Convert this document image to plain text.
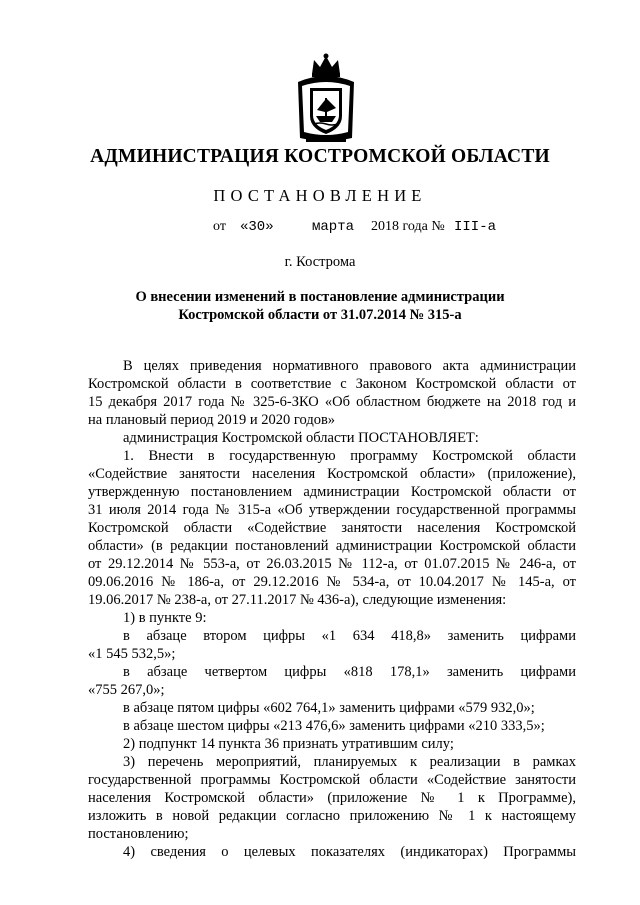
АДМИНИСТРАЦИЯ КОСТРОМСКОЙ ОБЛАСТИ
ПОСТАНОВЛЕНИЕ
от «30»	марта 2018 года № III-а
г. Кострома
О внесении изменений в постановление администрации
Костромской области от 31.07.2014 № 315-а
В целях приведения нормативного правового акта администрации
Костромской области в соответствие с Законом Костромской области от
15 декабря 2017 года № 325-6-ЗКО «Об областном бюджете на 2018 год и
на плановый период 2019 и 2020 годов»
администрация Костромской области ПОСТАНОВЛЯЕТ:
1. Внести в государственную программу Костромской области
«Содействие занятости населения Костромской области» (приложение),
утвержденную постановлением администрации Костромской области от
31 июля 2014 года № 315-а «Об утверждении государственной программы
Костромской области «Содействие занятости населения Костромской
области» (в редакции постановлений администрации Костромской области
от 29.12.2014 № 553-а, от 26.03.2015 № 112-а, от 01.07.2015 № 246-а, от
09.06.2016 № 186-а, от 29.12.2016 № 534-а, от 10.04.2017 № 145-а, от
19.06.2017 № 238-а, от 27.11.2017 № 436-а), следующие изменения:
1) в пункте 9:
в абзаце втором цифры «1 634 418,8» заменить цифрами
«1 545 532,5»;
в абзаце четвертом цифры «818 178,1» заменить цифрами
«755 267,0»;
в абзаце пятом цифры «602 764,1» заменить цифрами «579 932,0»;
в абзаце шестом цифры «213 476,6» заменить цифрами «210 333,5»;
2) подпункт 14 пункта 36 признать утратившим силу;
3) перечень мероприятий, планируемых к реализации в рамках
государственной программы Костромской области «Содействие занятости
населения Костромской области» (приложение № 1 к Программе),
изложить в новой редакции согласно приложению № 1 к настоящему
постановлению;
4) сведения о целевых показателях (индикаторах) Программы
